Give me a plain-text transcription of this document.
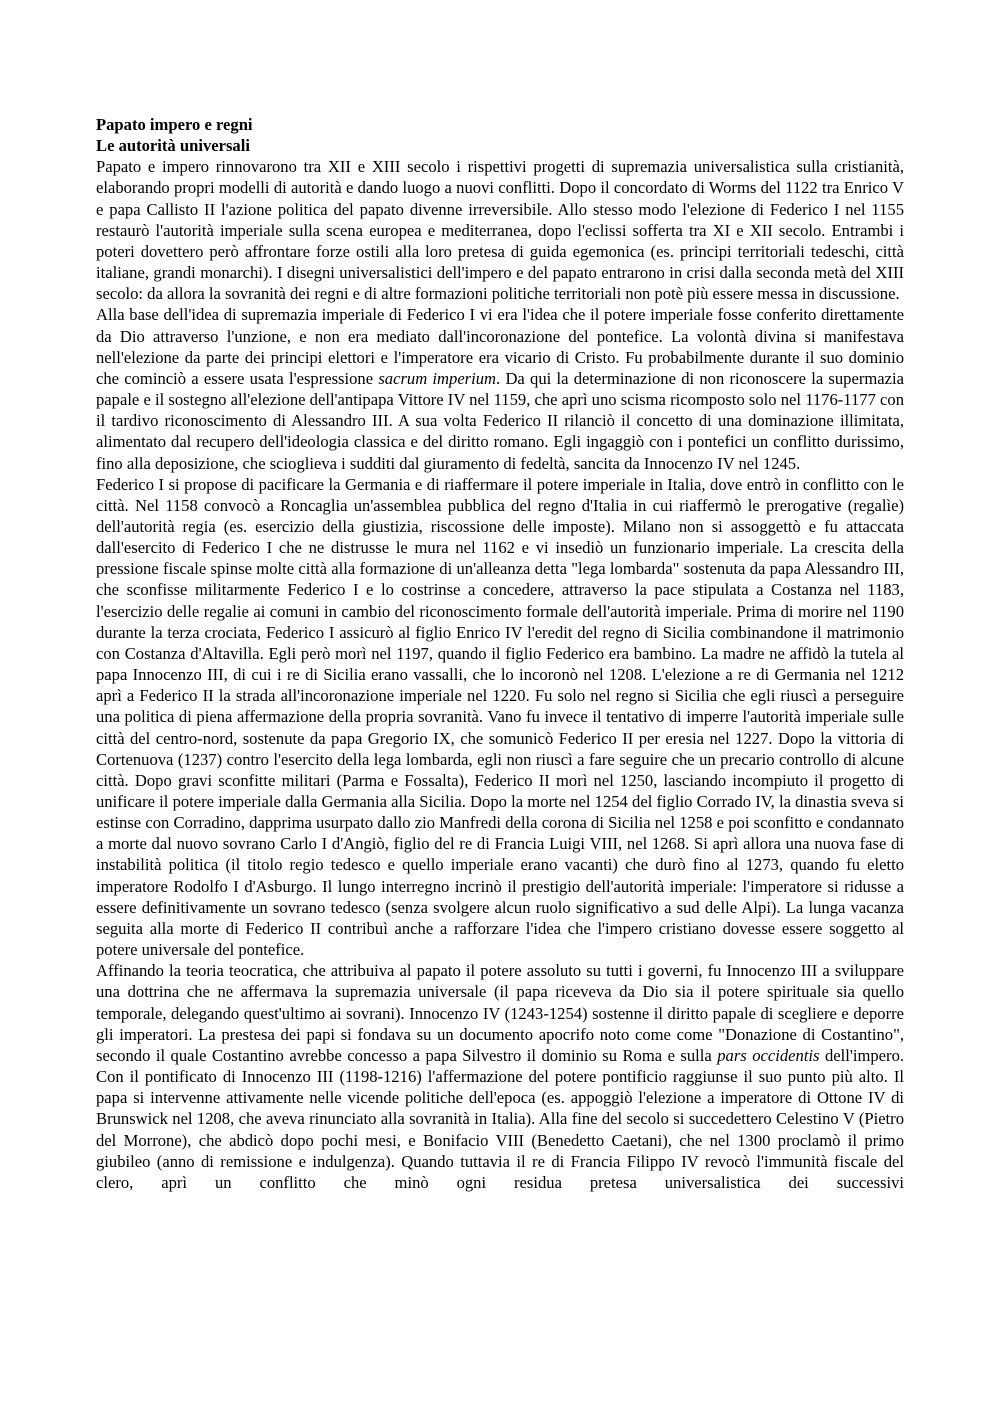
Papato impero e regni

Le autorità universali

Papato e impero rinnovarono tra XII e XIII secolo i rispettivi progetti di supremazia universalistica sulla cristianità, elaborando propri modelli di autorità e dando luogo a nuovi conflitti. Dopo il concordato di Worms del 1122 tra Enrico V e papa Callisto II l'azione politica del papato divenne irreversibile. Allo stesso modo l'elezione di Federico I nel 1155 restaurò l'autorità imperiale sulla scena europea e mediterranea, dopo l'eclissi sofferta tra XI e XII secolo. Entrambi i poteri dovettero però affrontare forze ostili alla loro pretesa di guida egemonica (es. principi territoriali tedeschi, città italiane, grandi monarchi). I disegni universalistici dell'impero e del papato entrarono in crisi dalla seconda metà del XIII secolo: da allora la sovranità dei regni e di altre formazioni politiche territoriali non potè più essere messa in discussione.

Alla base dell'idea di supremazia imperiale di Federico I vi era l'idea che il potere imperiale fosse conferito direttamente da Dio attraverso l'unzione, e non era mediato dall'incoronazione del pontefice. La volontà divina si manifestava nell'elezione da parte dei principi elettori e l'imperatore era vicario di Cristo. Fu probabilmente durante il suo dominio che cominciò a essere usata l'espressione sacrum imperium. Da qui la determinazione di non riconoscere la supermazia papale e il sostegno all'elezione dell'antipapa Vittore IV nel 1159, che aprì uno scisma ricomposto solo nel 1176-1177 con il tardivo riconoscimento di Alessandro III. A sua volta Federico II rilanciò il concetto di una dominazione illimitata, alimentato dal recupero dell'ideologia classica e del diritto romano. Egli ingaggiò con i pontefici un conflitto durissimo, fino alla deposizione, che scioglieva i sudditi dal giuramento di fedeltà, sancita da Innocenzo IV nel 1245.

Federico I si propose di pacificare la Germania e di riaffermare il potere imperiale in Italia, dove entrò in conflitto con le città. Nel 1158 convocò a Roncaglia un'assemblea pubblica del regno d'Italia in cui riaffermò le prerogative (regalìe) dell'autorità regia (es. esercizio della giustizia, riscossione delle imposte). Milano non si assoggettò e fu attaccata dall'esercito di Federico I che ne distrusse le mura nel 1162 e vi insediò un funzionario imperiale. La crescita della pressione fiscale spinse molte città alla formazione di un'alleanza detta "lega lombarda" sostenuta da papa Alessandro III, che sconfisse militarmente Federico I e lo costrinse a concedere, attraverso la pace stipulata a Costanza nel 1183, l'esercizio delle regalie ai comuni in cambio del riconoscimento formale dell'autorità imperiale. Prima di morire nel 1190 durante la terza crociata, Federico I assicurò al figlio Enrico IV l'eredit del regno di Sicilia combinandone il matrimonio con Costanza d'Altavilla. Egli però morì nel 1197, quando il figlio Federico era bambino. La madre ne affidò la tutela al papa Innocenzo III, di cui i re di Sicilia erano vassalli, che lo incoronò nel 1208. L'elezione a re di Germania nel 1212 aprì a Federico II la strada all'incoronazione imperiale nel 1220. Fu solo nel regno si Sicilia che egli riuscì a perseguire una politica di piena affermazione della propria sovranità. Vano fu invece il tentativo di imperre l'autorità imperiale sulle città del centro-nord, sostenute da papa Gregorio IX, che somunicò Federico II per eresia nel 1227. Dopo la vittoria di Cortenuova (1237) contro l'esercito della lega lombarda, egli non riuscì a fare seguire che un precario controllo di alcune città. Dopo gravi sconfitte militari (Parma e Fossalta), Federico II morì nel 1250, lasciando incompiuto il progetto di unificare il potere imperiale dalla Germania alla Sicilia. Dopo la morte nel 1254 del figlio Corrado IV, la dinastia sveva si estinse con Corradino, dapprima usurpato dallo zio Manfredi della corona di Sicilia nel 1258 e poi sconfitto e condannato a morte dal nuovo sovrano Carlo I d'Angiò, figlio del re di Francia Luigi VIII, nel 1268. Si aprì allora una nuova fase di instabilità politica (il titolo regio tedesco e quello imperiale erano vacanti) che durò fino al 1273, quando fu eletto imperatore Rodolfo I d'Asburgo. Il lungo interregno incrinò il prestigio dell'autorità imperiale: l'imperatore si ridusse a essere definitivamente un sovrano tedesco (senza svolgere alcun ruolo significativo a sud delle Alpi). La lunga vacanza seguita alla morte di Federico II contribuì anche a rafforzare l'idea che l'impero cristiano dovesse essere soggetto al potere universale del pontefice.

Affinando la teoria teocratica, che attribuiva al papato il potere assoluto su tutti i governi, fu Innocenzo III a sviluppare una dottrina che ne affermava la supremazia universale (il papa riceveva da Dio sia il potere spirituale sia quello temporale, delegando quest'ultimo ai sovrani). Innocenzo IV (1243-1254) sostenne il diritto papale di scegliere e deporre gli imperatori. La prestesa dei papi si fondava su un documento apocrifo noto come come "Donazione di Costantino", secondo il quale Costantino avrebbe concesso a papa Silvestro il dominio su Roma e sulla pars occidentis dell'impero. Con il pontificato di Innocenzo III (1198-1216) l'affermazione del potere pontificio raggiunse il suo punto più alto. Il papa si intervenne attivamente nelle vicende politiche dell'epoca (es. appoggiò l'elezione a imperatore di Ottone IV di Brunswick nel 1208, che aveva rinunciato alla sovranità in Italia). Alla fine del secolo si succedettero Celestino V (Pietro del Morrone), che abdicò dopo pochi mesi, e Bonifacio VIII (Benedetto Caetani), che nel 1300 proclamò il primo giubileo (anno di remissione e indulgenza). Quando tuttavia il re di Francia Filippo IV revocò l'immunità fiscale del clero, aprì un conflitto che minò ogni residua pretesa universalistica dei successivi
